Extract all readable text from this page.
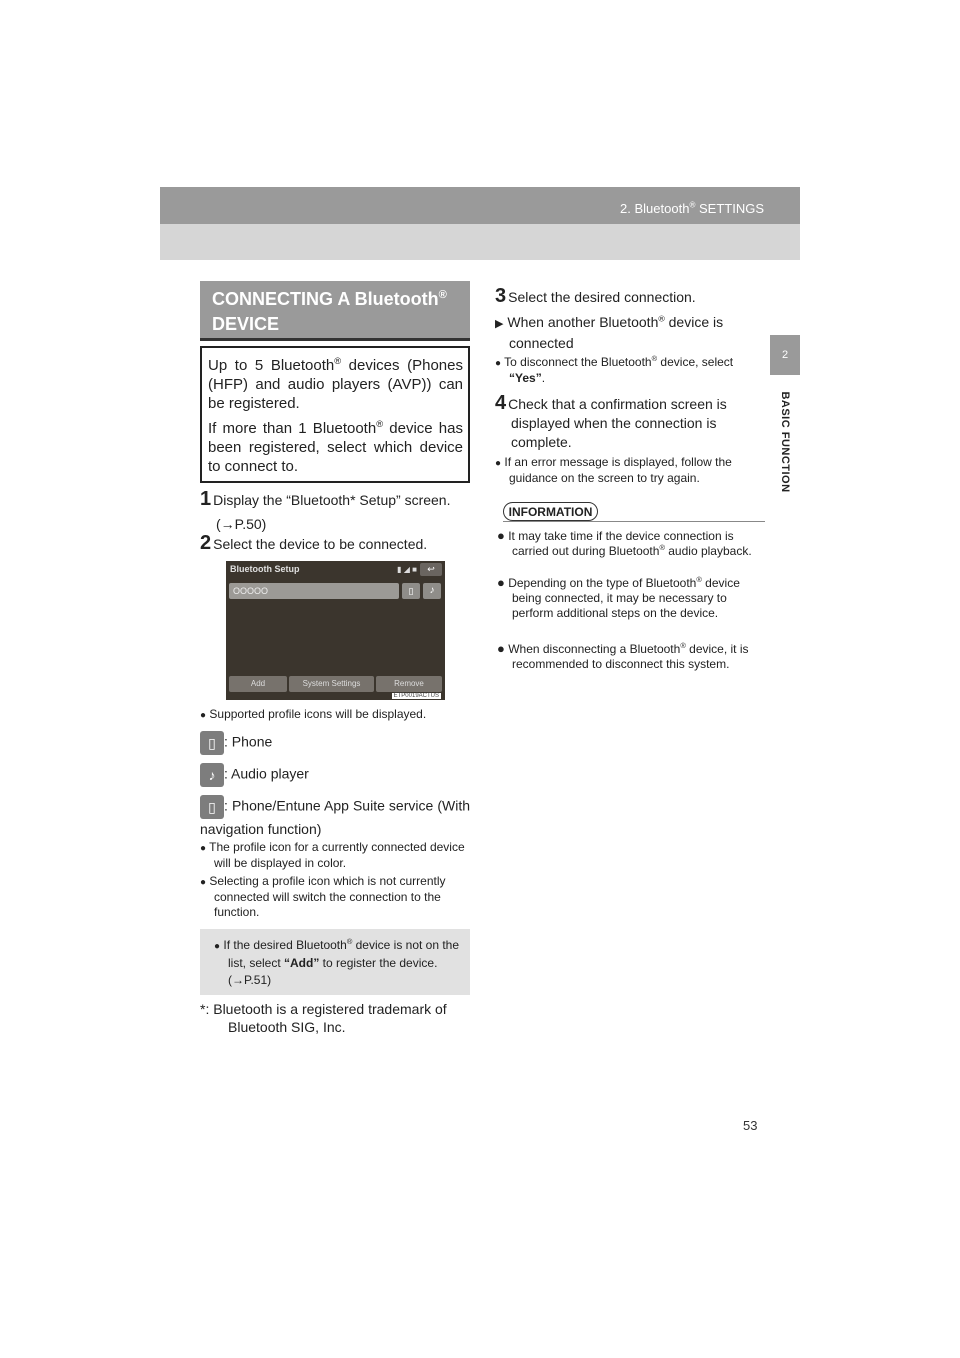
2. Bluetooth® SETTINGS
2
BASIC FUNCTION
CONNECTING A Bluetooth®
DEVICE

Up to 5 Bluetooth® devices (Phones (HFP) and audio players (AVP)) can be registered.

If more than 1 Bluetooth® device has been registered, select which device to connect to.

1 Display the “Bluetooth* Setup” screen.
(→P.50)
2 Select the device to be connected.
Bluetooth Setup	▮ ◢ ■	↩
OOOOO	▯	♪
Add	System Settings	Remove
ETP0019ACTUS
● Supported profile icons will be displayed.
▯ : Phone
♪ : Audio player
▯ : Phone/Entune App Suite service (With navigation function)
● The profile icon for a currently connected device will be displayed in color.
● Selecting a profile icon which is not currently connected will switch the connection to the function.
● If the desired Bluetooth® device is not on the list, select “Add” to register the device. (→P.51)
*: Bluetooth is a registered trademark of Bluetooth SIG, Inc.
3 Select the desired connection.
▶ When another Bluetooth® device is connected
● To disconnect the Bluetooth® device, select “Yes”.
4 Check that a confirmation screen is displayed when the connection is complete.
● If an error message is displayed, follow the guidance on the screen to try again.
INFORMATION
● It may take time if the device connection is carried out during Bluetooth® audio playback.
● Depending on the type of Bluetooth® device being connected, it may be necessary to perform additional steps on the device.
● When disconnecting a Bluetooth® device, it is recommended to disconnect this system.
53
